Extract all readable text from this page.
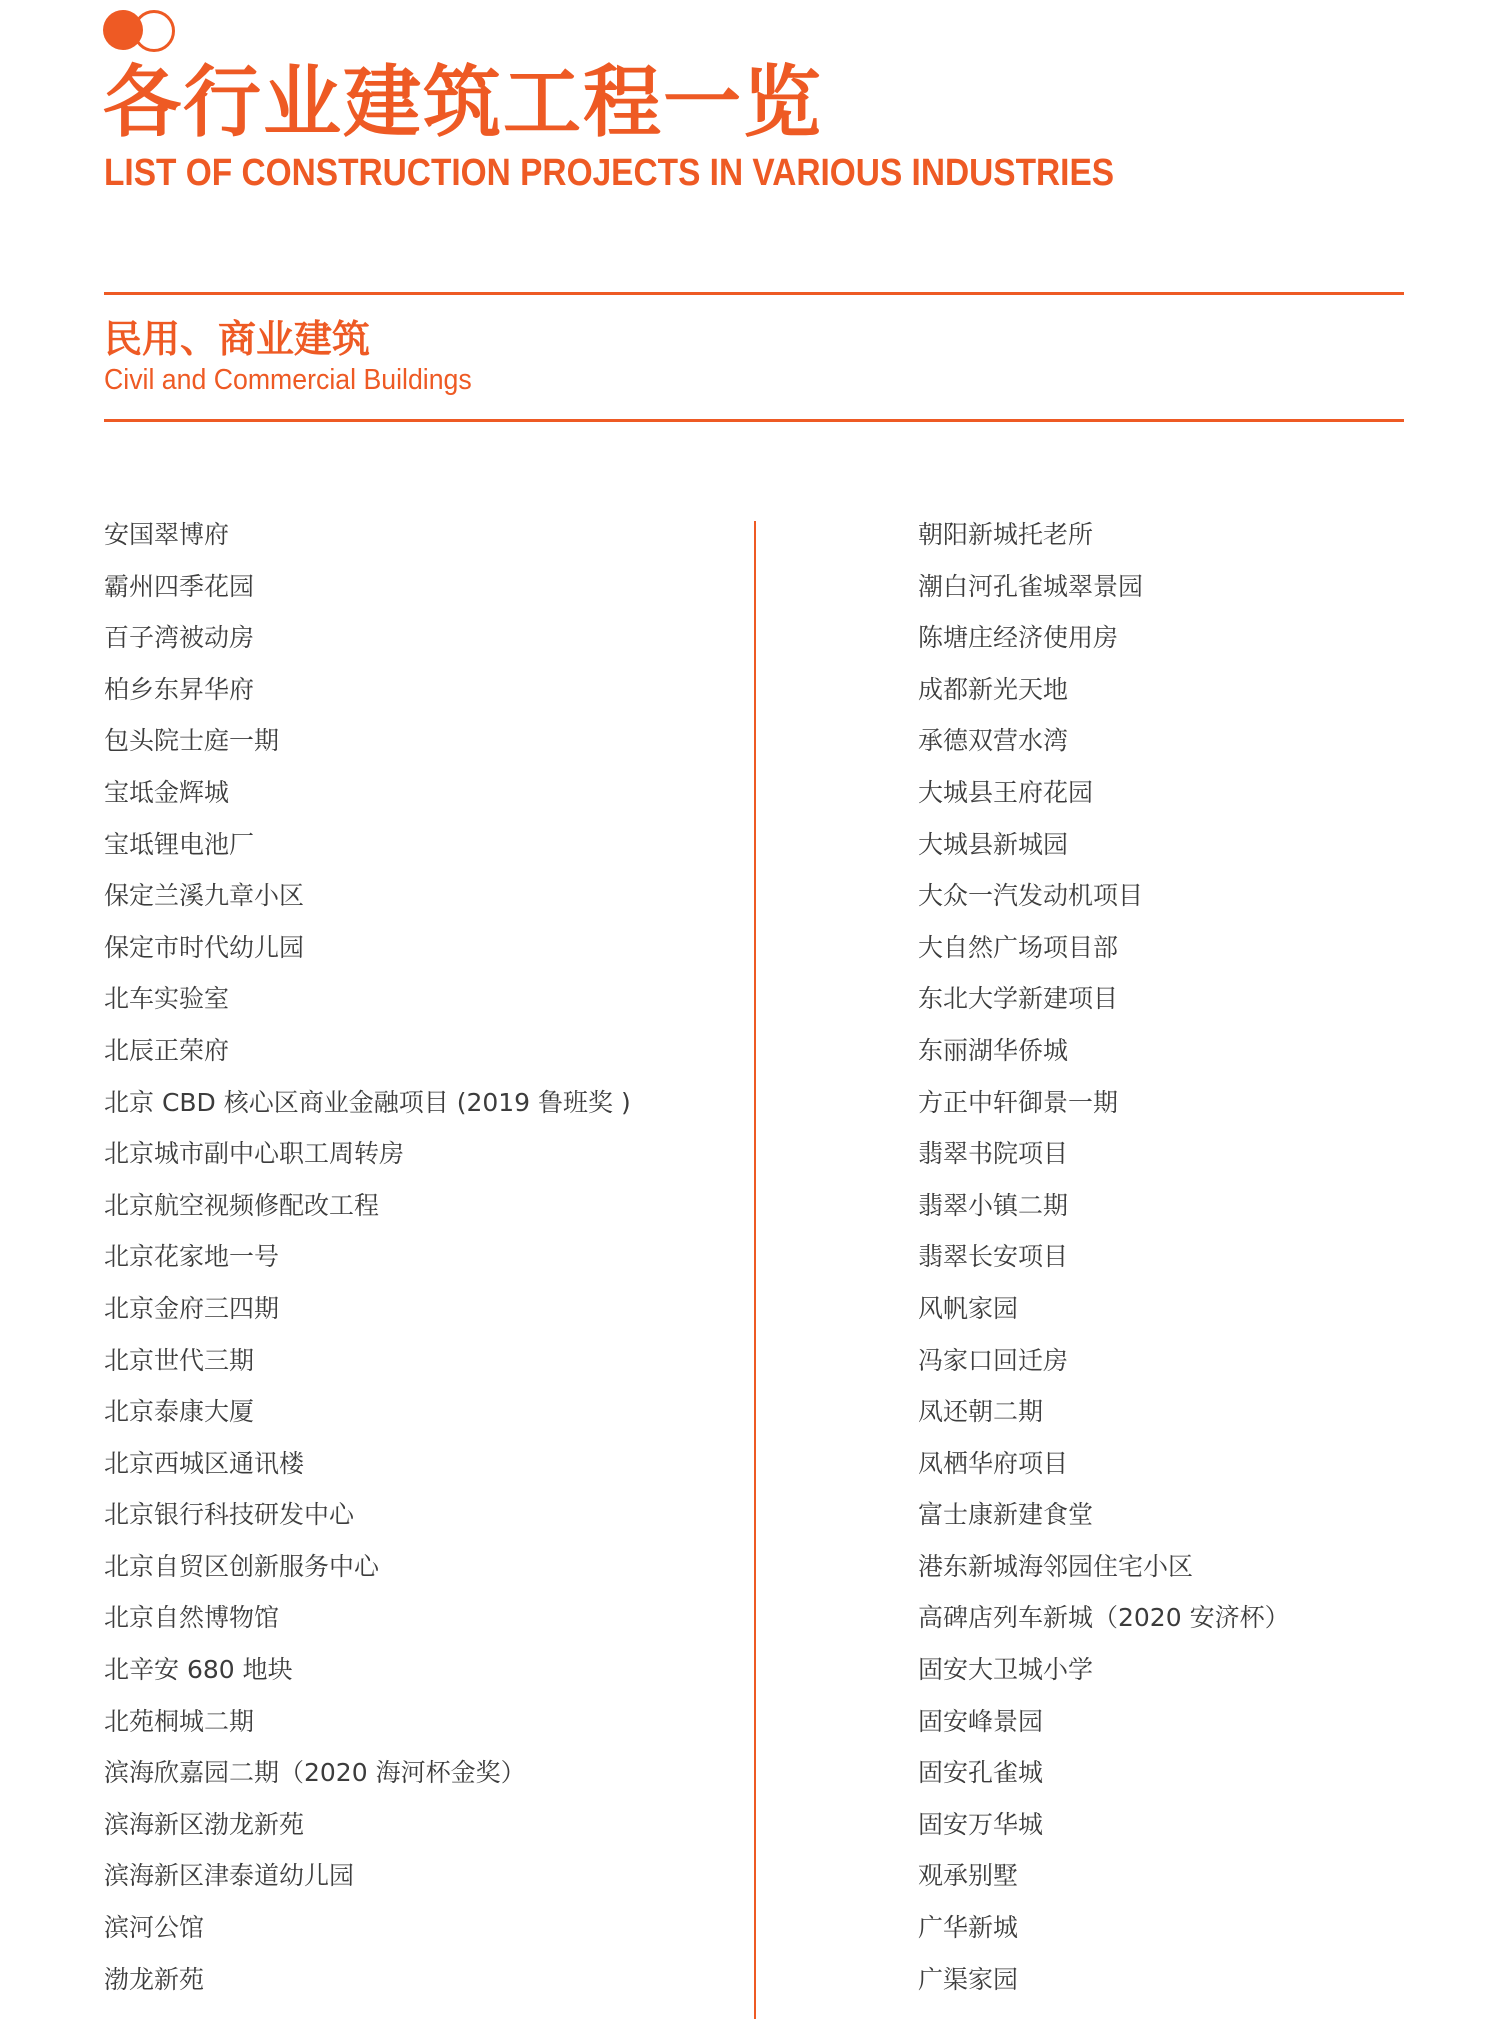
各行业建筑工程一览
LIST OF CONSTRUCTION PROJECTS IN VARIOUS INDUSTRIES
民用、商业建筑
Civil and Commercial Buildings
安国翠博府
霸州四季花园
百子湾被动房
柏乡东昇华府
包头院士庭一期
宝坻金辉城
宝坻锂电池厂
保定兰溪九章小区
保定市时代幼儿园
北车实验室
北辰正荣府
北京 CBD 核心区商业金融项目 (2019 鲁班奖 )
北京城市副中心职工周转房
北京航空视频修配改工程
北京花家地一号
北京金府三四期
北京世代三期
北京泰康大厦
北京西城区通讯楼
北京银行科技研发中心
北京自贸区创新服务中心
北京自然博物馆
北辛安 680 地块
北苑桐城二期
滨海欣嘉园二期（2020 海河杯金奖）
滨海新区渤龙新苑
滨海新区津泰道幼儿园
滨河公馆
渤龙新苑
朝阳新城托老所
潮白河孔雀城翠景园
陈塘庄经济使用房
成都新光天地
承德双营水湾
大城县王府花园
大城县新城园
大众一汽发动机项目
大自然广场项目部
东北大学新建项目
东丽湖华侨城
方正中轩御景一期
翡翠书院项目
翡翠小镇二期
翡翠长安项目
风帆家园
冯家口回迁房
凤还朝二期
凤栖华府项目
富士康新建食堂
港东新城海邻园住宅小区
高碑店列车新城（2020 安济杯）
固安大卫城小学
固安峰景园
固安孔雀城
固安万华城
观承别墅
广华新城
广渠家园
